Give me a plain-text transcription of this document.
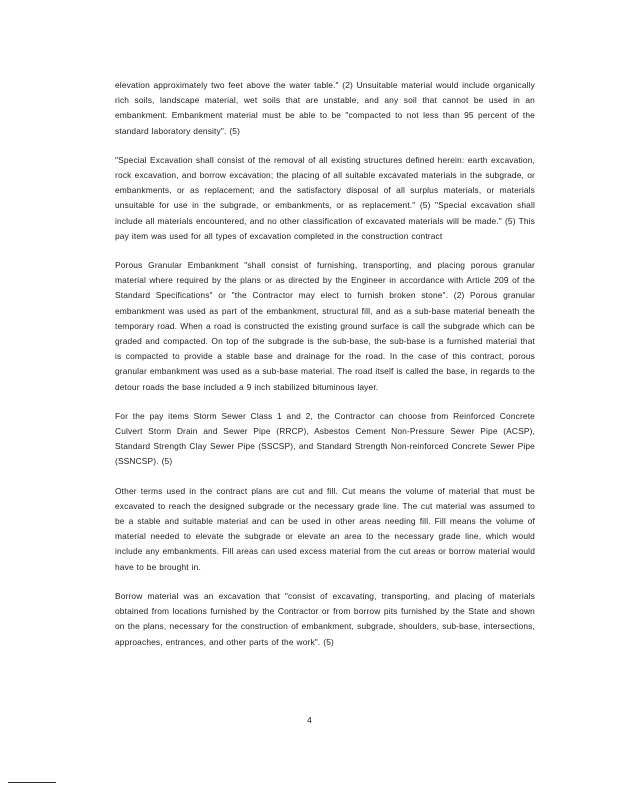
elevation approximately two feet above the water table." (2) Unsuitable material would include organically rich soils, landscape material, wet soils that are unstable, and any soil that cannot be used in an embankment. Embankment material must be able to be "compacted to not less than 95 percent of the standard laboratory density". (5)

"Special Excavation shall consist of the removal of all existing structures defined herein: earth excavation, rock excavation, and borrow excavation; the placing of all suitable excavated materials in the subgrade, or embankments, or as replacement; and the satisfactory disposal of all surplus materials, or materials unsuitable for use in the subgrade, or embankments, or as replacement." (5) "Special excavation shall include all materials encountered, and no other classification of excavated materials will be made." (5) This pay item was used for all types of excavation completed in the construction contract

Porous Granular Embankment "shall consist of furnishing, transporting, and placing porous granular material where required by the plans or as directed by the Engineer in accordance with Article 209 of the Standard Specifications" or "the Contractor may elect to furnish broken stone". (2) Porous granular embankment was used as part of the embankment, structural fill, and as a sub-base material beneath the temporary road. When a road is constructed the existing ground surface is call the subgrade which can be graded and compacted. On top of the subgrade is the sub-base, the sub-base is a furnished material that is compacted to provide a stable base and drainage for the road. In the case of this contract, porous granular embankment was used as a sub-base material. The road itself is called the base, in regards to the detour roads the base included a 9 inch stabilized bituminous layer.

For the pay items Storm Sewer Class 1 and 2, the Contractor can choose from Reinforced Concrete Culvert Storm Drain and Sewer Pipe (RRCP), Asbestos Cement Non-Pressure Sewer Pipe (ACSP), Standard Strength Clay Sewer Pipe (SSCSP), and Standard Strength Non-reinforced Concrete Sewer Pipe (SSNCSP). (5)

Other terms used in the contract plans are cut and fill. Cut means the volume of material that must be excavated to reach the designed subgrade or the necessary grade line. The cut material was assumed to be a stable and suitable material and can be used in other areas needing fill. Fill means the volume of material needed to elevate the subgrade or elevate an area to the necessary grade line, which would include any embankments. Fill areas can used excess material from the cut areas or borrow material would have to be brought in.

Borrow material was an excavation that "consist of excavating, transporting, and placing of materials obtained from locations furnished by the Contractor or from borrow pits furnished by the State and shown on the plans, necessary for the construction of embankment, subgrade, shoulders, sub-base, intersections, approaches, entrances, and other parts of the work". (5)

4
